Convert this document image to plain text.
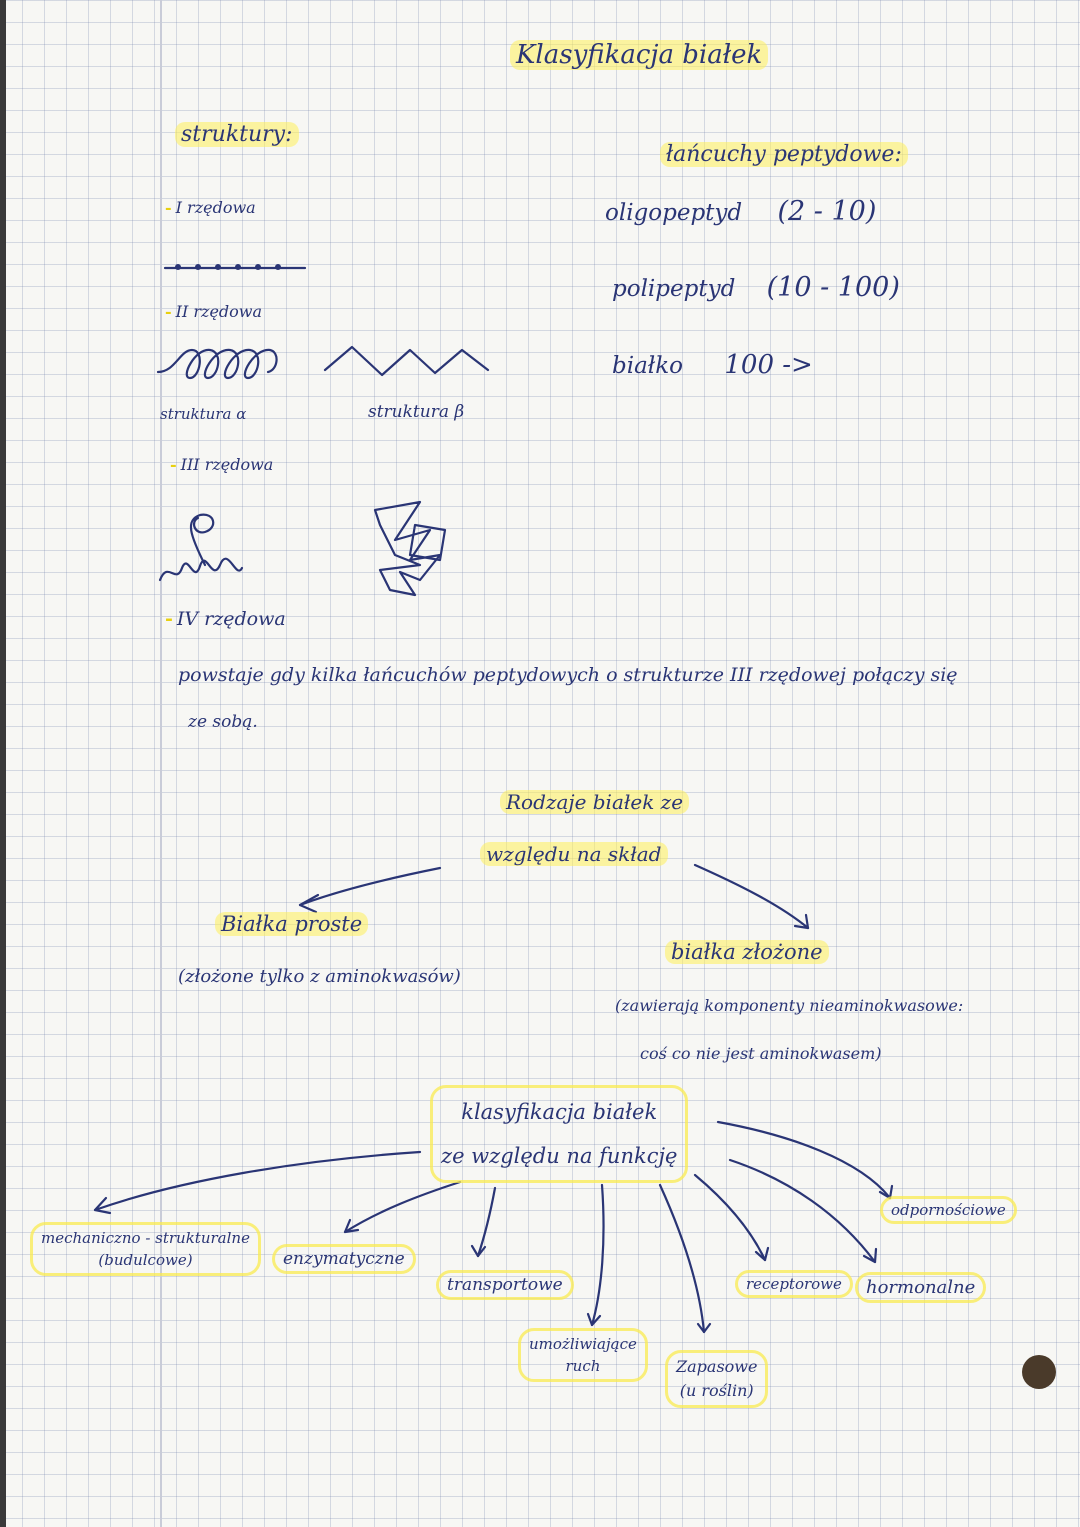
Klasyfikacja białek
struktury:
- I rzędowa
- II rzędowa
struktura α	struktura β
- III rzędowa
- IV rzędowa
powstaje gdy kilka łańcuchów peptydowych o strukturze III rzędowej połączy się
ze sobą.
łańcuchy peptydowe:
oligopeptyd (2 - 10)
polipeptyd (10 - 100)
białko 100 ->
Rodzaje białek ze
względu na skład
Białka proste
(złożone tylko z aminokwasów)
białka złożone
(zawierają komponenty nieaminokwasowe:
coś co nie jest aminokwasem)
klasyfikacja białek
ze względu na funkcję
mechaniczno - strukturalne
(budulcowe)	enzymatyczne
transportowe
umożliwiające
ruch	Zapasowe
(u roślin)
receptorowe	hormonalne
odpornościowe
